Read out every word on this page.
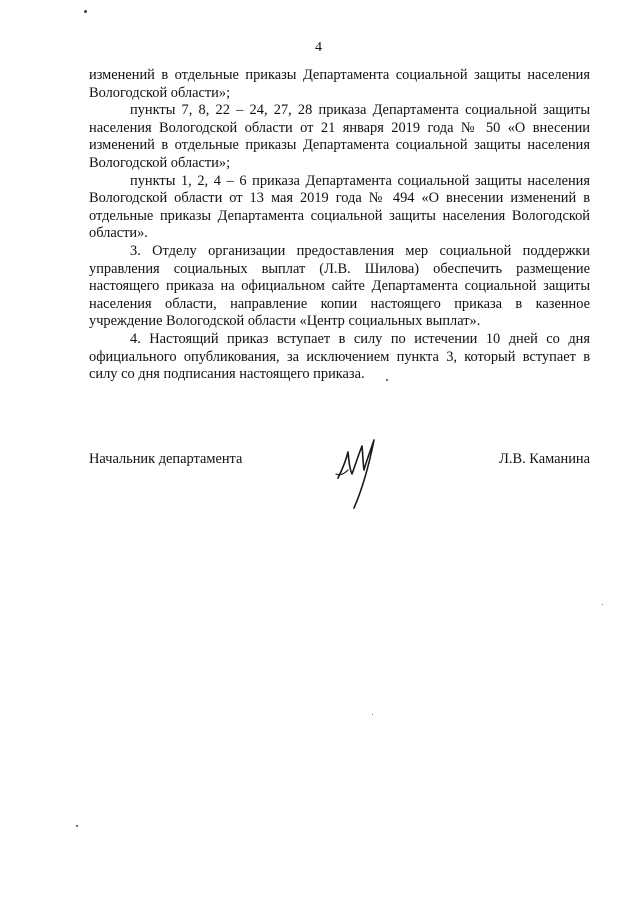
4

изменений в отдельные приказы Департамента социальной защиты населения Вологодской области»;

пункты 7, 8, 22 – 24, 27, 28 приказа Департамента социальной защиты населения Вологодской области от 21 января 2019 года № 50 «О внесении изменений в отдельные приказы Департамента социальной защиты населения Вологодской области»;

пункты 1, 2, 4 – 6 приказа Департамента социальной защиты населения Вологодской области от 13 мая 2019 года № 494 «О внесении изменений в отдельные приказы Департамента социальной защиты населения Вологодской области».

3. Отделу организации предоставления мер социальной поддержки управления социальных выплат (Л.В. Шилова) обеспечить размещение настоящего приказа на официальном сайте Департамента социальной защиты населения области, направление копии настоящего приказа в казенное учреждение Вологодской области «Центр социальных выплат».

4. Настоящий приказ вступает в силу по истечении 10 дней со дня официального опубликования, за исключением пункта 3, который вступает в силу со дня подписания настоящего приказа.

Начальник департамента	Л.В. Каманина
